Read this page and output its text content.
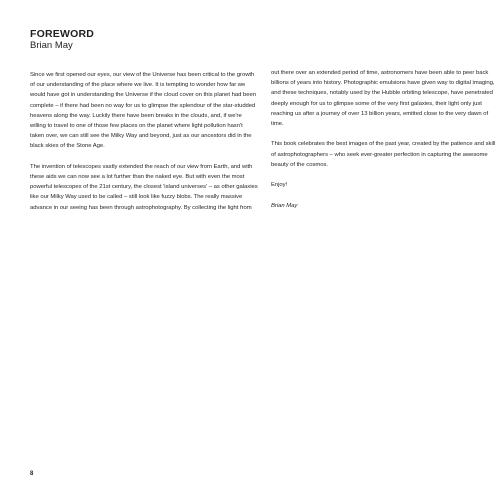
FOREWORD
Brian May

Since we first opened our eyes, our view of the Universe has been critical to the growth of our understanding of the place where we live. It is tempting to wonder how far we would have got in understanding the Universe if the cloud cover on this planet had been complete – if there had been no way for us to glimpse the splendour of the star-studded heavens along the way. Luckily there have been breaks in the clouds, and, if we're willing to travel to one of those few places on the planet where light pollution hasn't taken over, we can still see the Milky Way and beyond, just as our ancestors did in the black skies of the Stone Age.

The invention of telescopes vastly extended the reach of our view from Earth, and with these aids we can now see a lot further than the naked eye. But with even the most powerful telescopes of the 21st century, the closest 'island universes' – as other galaxies like our Milky Way used to be called – still look like fuzzy blobs. The really massive advance in our seeing has been through astrophotography. By collecting the light from

out there over an extended period of time, astronomers have been able to peer back billions of years into history. Photographic emulsions have given way to digital imaging, and these techniques, notably used by the Hubble orbiting telescope, have penetrated deeply enough for us to glimpse some of the very first galaxies, their light only just reaching us after a journey of over 13 billion years, emitted close to the very dawn of time.

This book celebrates the best images of the past year, created by the patience and skill of astrophotographers – who seek ever-greater perfection in capturing the awesome beauty of the cosmos.

Enjoy!

Brian May

8
